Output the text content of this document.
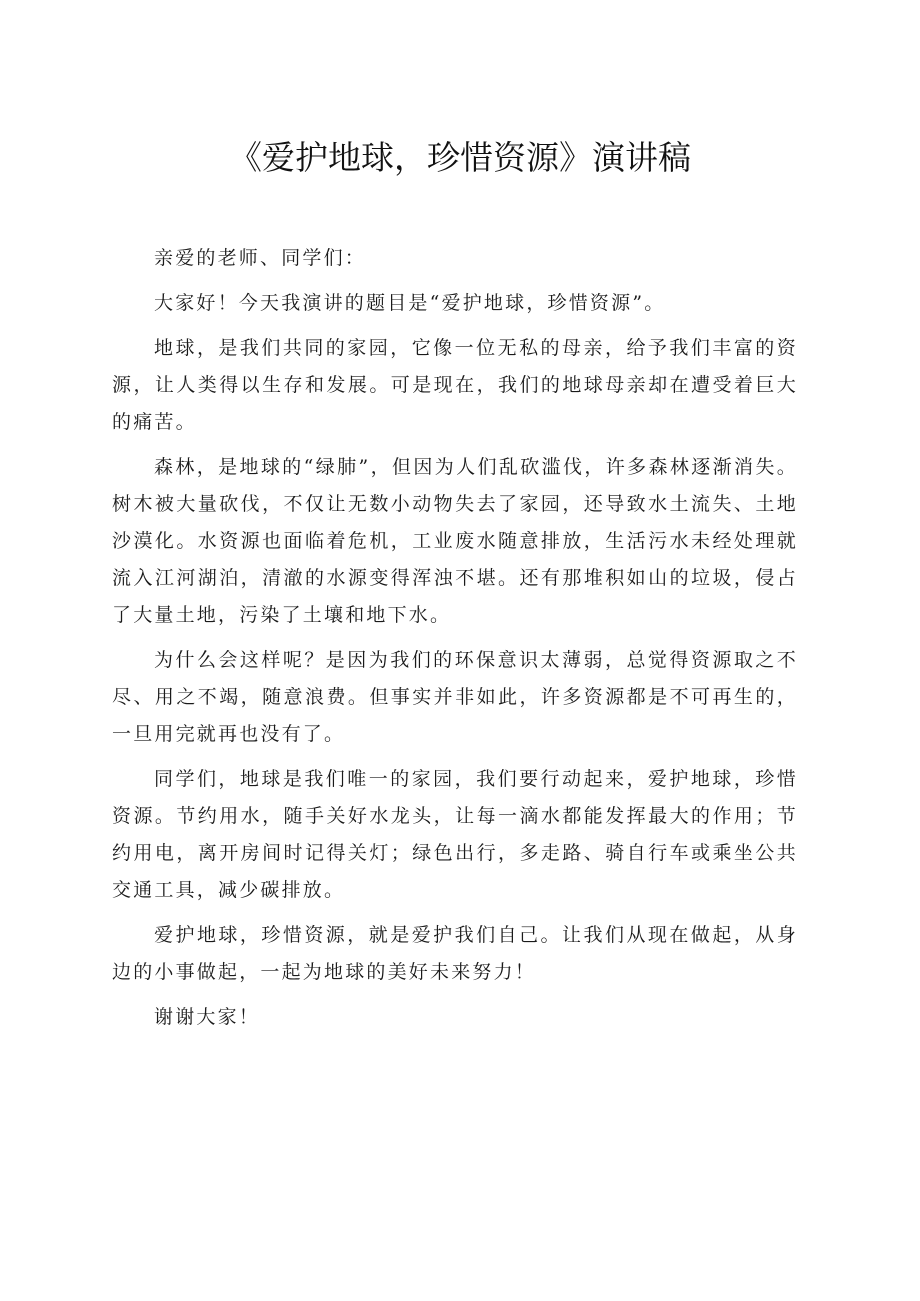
《爱护地球，珍惜资源》演讲稿

亲爱的老师、同学们：

大家好！今天我演讲的题目是“爱护地球，珍惜资源”。

地球，是我们共同的家园，它像一位无私的母亲，给予我们丰富的资源，让人类得以生存和发展。可是现在，我们的地球母亲却在遭受着巨大的痛苦。

森林，是地球的“绿肺”，但因为人们乱砍滥伐，许多森林逐渐消失。树木被大量砍伐，不仅让无数小动物失去了家园，还导致水土流失、土地沙漠化。水资源也面临着危机，工业废水随意排放，生活污水未经处理就流入江河湖泊，清澈的水源变得浑浊不堪。还有那堆积如山的垃圾，侵占了大量土地，污染了土壤和地下水。

为什么会这样呢？是因为我们的环保意识太薄弱，总觉得资源取之不尽、用之不竭，随意浪费。但事实并非如此，许多资源都是不可再生的，一旦用完就再也没有了。

同学们，地球是我们唯一的家园，我们要行动起来，爱护地球，珍惜资源。节约用水，随手关好水龙头，让每一滴水都能发挥最大的作用；节约用电，离开房间时记得关灯；绿色出行，多走路、骑自行车或乘坐公共交通工具，减少碳排放。

爱护地球，珍惜资源，就是爱护我们自己。让我们从现在做起，从身边的小事做起，一起为地球的美好未来努力！

谢谢大家！
